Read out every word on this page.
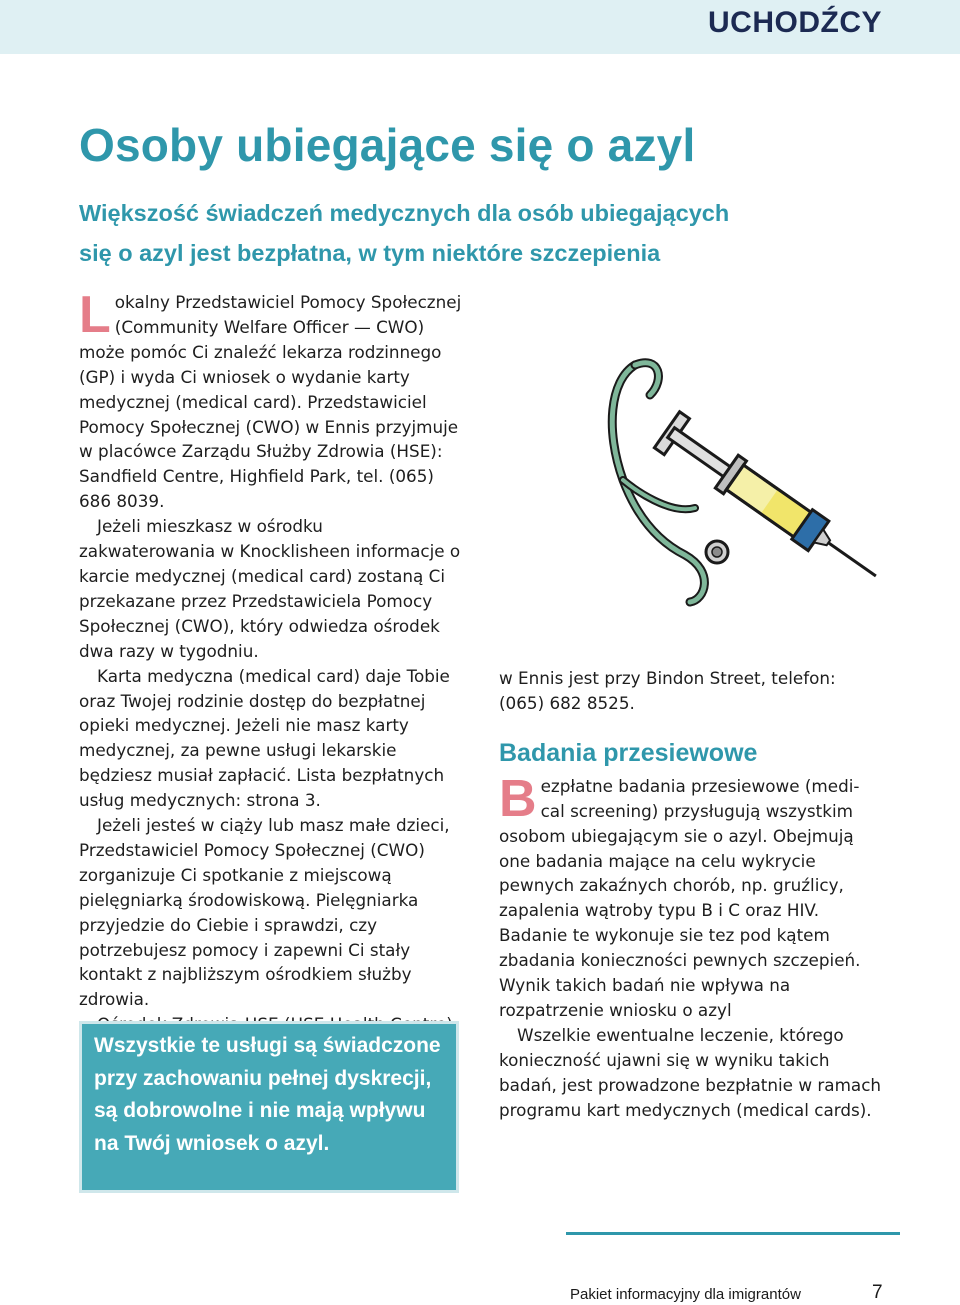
UCHODŹCY
Osoby ubiegające się o azyl
Większość świadczeń medycznych dla osób ubiegających
się o azyl jest bezpłatna, w tym niektóre szczepienia

L okalny Przedstawiciel Pomocy Społecznej
(Community Welfare Officer — CWO)
może pomóc Ci znaleźć lekarza rodzinnego (GP) i wyda Ci wniosek o wydanie karty medycznej (medical card). Przedstawiciel Pomocy Społecznej (CWO) w Ennis przyjmuje w placówce Zarządu Służby Zdrowia (HSE): Sandfield Centre, Highfield Park, tel. (065) 686 8039.

Jeżeli mieszkasz w ośrodku zakwaterowania w Knocklisheen informacje o karcie medycznej (medical card) zostaną Ci przekazane przez Przedstawiciela Pomocy Społecznej (CWO), który odwiedza ośrodek dwa razy w tygodniu.

Karta medyczna (medical card) daje Tobie oraz Twojej rodzinie dostęp do bezpłatnej opieki medycznej. Jeżeli nie masz karty medycznej, za pewne usługi lekarskie będziesz musiał zapłacić. Lista bezpłatnych usług medycznych: strona 3.

Jeżeli jesteś w ciąży lub masz małe dzieci, Przedstawiciel Pomocy Społecznej (CWO) zorganizuje Ci spotkanie z miejscową pielęgniarką środowiskową. Pielęgniarka przyjedzie do Ciebie i sprawdzi, czy potrzebujesz pomocy i zapewni Ci stały kontakt z najbliższym ośrodkiem służby zdrowia.

Wszystkie te usługi są świadczone przy zachowaniu pełnej dyskrecji, są dobrowolne i nie mają wpływu na Twój wniosek o azyl.

w Ennis jest przy Bindon Street, telefon: (065) 682 8525.

Badania przesiewowe

B ezpłatne badania przesiewowe (medi-
cal screening) przysługują wszystkim osobom ubiegającym sie o azyl. Obejmują one badania mające na celu wykrycie pewnych zakaźnych chorób, np. gruźlicy, zapalenia wątroby typu B i C oraz HIV. Badanie te wykonuje sie tez pod kątem zbadania konieczności pewnych szczepień. Wynik takich badań nie wpływa na rozpatrzenie wniosku o azyl

Wszelkie ewentualne leczenie, którego konieczność ujawni się w wyniku takich badań, jest prowadzone bezpłatnie w ramach programu kart medycznych (medical cards).

Pakiet informacyjny dla imigrantów	7
